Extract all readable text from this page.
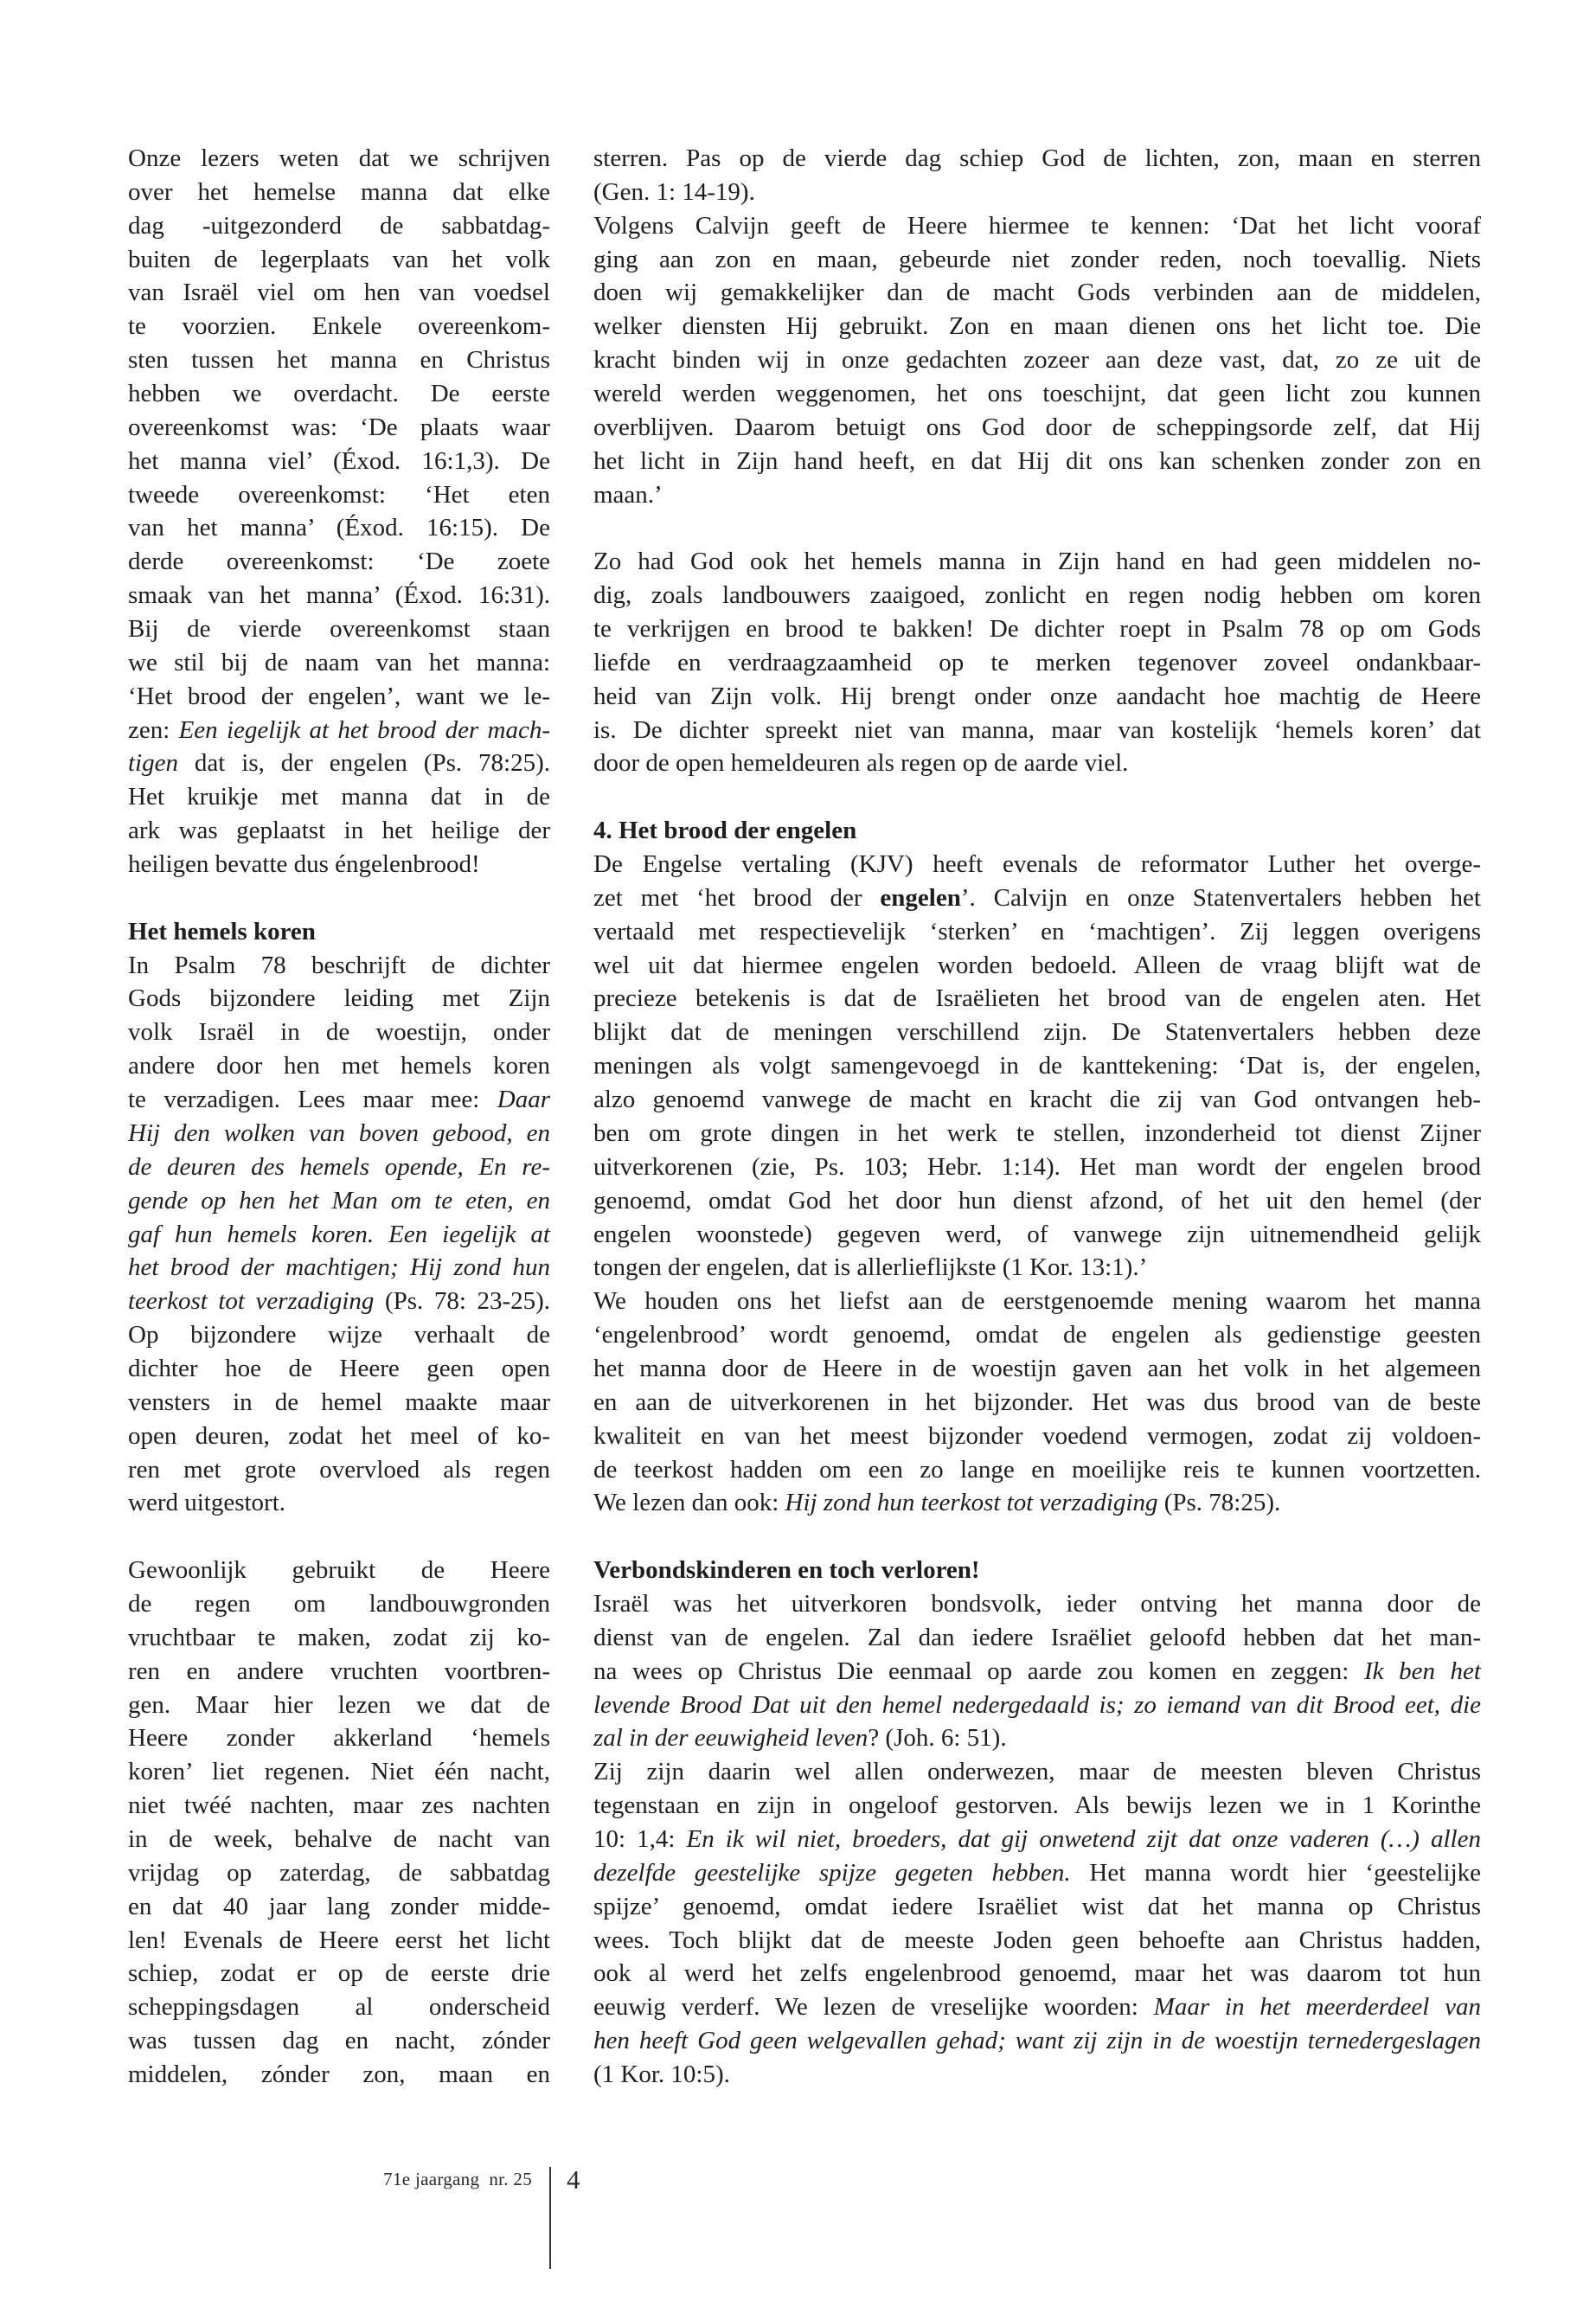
Onze lezers weten dat we schrijven
over het hemelse manna dat elke
dag -uitgezonderd de sabbatdag-
buiten de legerplaats van het volk
van Israël viel om hen van voedsel
te voorzien. Enkele overeenkom-
sten tussen het manna en Christus
hebben we overdacht. De eerste
overeenkomst was: ‘De plaats waar
het manna viel’ (Éxod. 16:1,3). De
tweede overeenkomst: ‘Het eten
van het manna’ (Éxod. 16:15). De
derde overeenkomst: ‘De zoete
smaak van het manna’ (Éxod. 16:31).
Bij de vierde overeenkomst staan
we stil bij de naam van het manna:
‘Het brood der engelen’, want we le-
zen: Een iegelijk at het brood der mach-
tigen dat is, der engelen (Ps. 78:25).
Het kruikje met manna dat in de
ark was geplaatst in het heilige der
heiligen bevatte dus éngelenbrood!
Het hemels koren
In Psalm 78 beschrijft de dichter
Gods bijzondere leiding met Zijn
volk Israël in de woestijn, onder
andere door hen met hemels koren
te verzadigen. Lees maar mee: Daar
Hij den wolken van boven gebood, en
de deuren des hemels opende, En re-
gende op hen het Man om te eten, en
gaf hun hemels koren. Een iegelijk at
het brood der machtigen; Hij zond hun
teerkost tot verzadiging (Ps. 78: 23-25).
Op bijzondere wijze verhaalt de
dichter hoe de Heere geen open
vensters in de hemel maakte maar
open deuren, zodat het meel of ko-
ren met grote overvloed als regen
werd uitgestort.
Gewoonlijk gebruikt de Heere
de regen om landbouwgronden
vruchtbaar te maken, zodat zij ko-
ren en andere vruchten voortbren-
gen. Maar hier lezen we dat de
Heere zonder akkerland ‘hemels
koren’ liet regenen. Niet één nacht,
niet twéé nachten, maar zes nachten
in de week, behalve de nacht van
vrijdag op zaterdag, de sabbatdag
en dat 40 jaar lang zonder midde-
len! Evenals de Heere eerst het licht
schiep, zodat er op de eerste drie
scheppingsdagen al onderscheid
was tussen dag en nacht, zónder
middelen, zónder zon, maan en
sterren. Pas op de vierde dag schiep God de lichten, zon, maan en sterren
(Gen. 1: 14-19).
Volgens Calvijn geeft de Heere hiermee te kennen: ‘Dat het licht vooraf
ging aan zon en maan, gebeurde niet zonder reden, noch toevallig. Niets
doen wij gemakkelijker dan de macht Gods verbinden aan de middelen,
welker diensten Hij gebruikt. Zon en maan dienen ons het licht toe. Die
kracht binden wij in onze gedachten zozeer aan deze vast, dat, zo ze uit de
wereld werden weggenomen, het ons toeschijnt, dat geen licht zou kunnen
overblijven. Daarom betuigt ons God door de scheppingsorde zelf, dat Hij
het licht in Zijn hand heeft, en dat Hij dit ons kan schenken zonder zon en
maan.’
Zo had God ook het hemels manna in Zijn hand en had geen middelen no-
dig, zoals landbouwers zaaigoed, zonlicht en regen nodig hebben om koren
te verkrijgen en brood te bakken! De dichter roept in Psalm 78 op om Gods
liefde en verdraagzaamheid op te merken tegenover zoveel ondankbaar-
heid van Zijn volk. Hij brengt onder onze aandacht hoe machtig de Heere
is. De dichter spreekt niet van manna, maar van kostelijk ‘hemels koren’ dat
door de open hemeldeuren als regen op de aarde viel.
4. Het brood der engelen
De Engelse vertaling (KJV) heeft evenals de reformator Luther het overge-
zet met ‘het brood der engelen’. Calvijn en onze Statenvertalers hebben het
vertaald met respectievelijk ‘sterken’ en ‘machtigen’. Zij leggen overigens
wel uit dat hiermee engelen worden bedoeld. Alleen de vraag blijft wat de
precieze betekenis is dat de Israëlieten het brood van de engelen aten. Het
blijkt dat de meningen verschillend zijn. De Statenvertalers hebben deze
meningen als volgt samengevoegd in de kanttekening: ‘Dat is, der engelen,
alzo genoemd vanwege de macht en kracht die zij van God ontvangen heb-
ben om grote dingen in het werk te stellen, inzonderheid tot dienst Zijner
uitverkorenen (zie, Ps. 103; Hebr. 1:14). Het man wordt der engelen brood
genoemd, omdat God het door hun dienst afzond, of het uit den hemel (der
engelen woonstede) gegeven werd, of vanwege zijn uitnemendheid gelijk
tongen der engelen, dat is allerlieflijkste (1 Kor. 13:1).’
We houden ons het liefst aan de eerstgenoemde mening waarom het manna
‘engelenbrood’ wordt genoemd, omdat de engelen als gedienstige geesten
het manna door de Heere in de woestijn gaven aan het volk in het algemeen
en aan de uitverkorenen in het bijzonder. Het was dus brood van de beste
kwaliteit en van het meest bijzonder voedend vermogen, zodat zij voldoen-
de teerkost hadden om een zo lange en moeilijke reis te kunnen voortzetten.
We lezen dan ook: Hij zond hun teerkost tot verzadiging (Ps. 78:25).
Verbondskinderen en toch verloren!
Israël was het uitverkoren bondsvolk, ieder ontving het manna door de
dienst van de engelen. Zal dan iedere Israëliet geloofd hebben dat het man-
na wees op Christus Die eenmaal op aarde zou komen en zeggen: Ik ben het
levende Brood Dat uit den hemel nedergedaald is; zo iemand van dit Brood eet, die
zal in der eeuwigheid leven? (Joh. 6: 51).
Zij zijn daarin wel allen onderwezen, maar de meesten bleven Christus
tegenstaan en zijn in ongeloof gestorven. Als bewijs lezen we in 1 Korinthe
10: 1,4: En ik wil niet, broeders, dat gij onwetend zijt dat onze vaderen (…) allen
dezelfde geestelijke spijze gegeten hebben. Het manna wordt hier ‘geestelijke
spijze’ genoemd, omdat iedere Israëliet wist dat het manna op Christus
wees. Toch blijkt dat de meeste Joden geen behoefte aan Christus hadden,
ook al werd het zelfs engelenbrood genoemd, maar het was daarom tot hun
eeuwig verderf. We lezen de vreselijke woorden: Maar in het meerderdeel van
hen heeft God geen welgevallen gehad; want zij zijn in de woestijn ternedergeslagen
(1 Kor. 10:5).
71e jaargang  nr. 25 4
